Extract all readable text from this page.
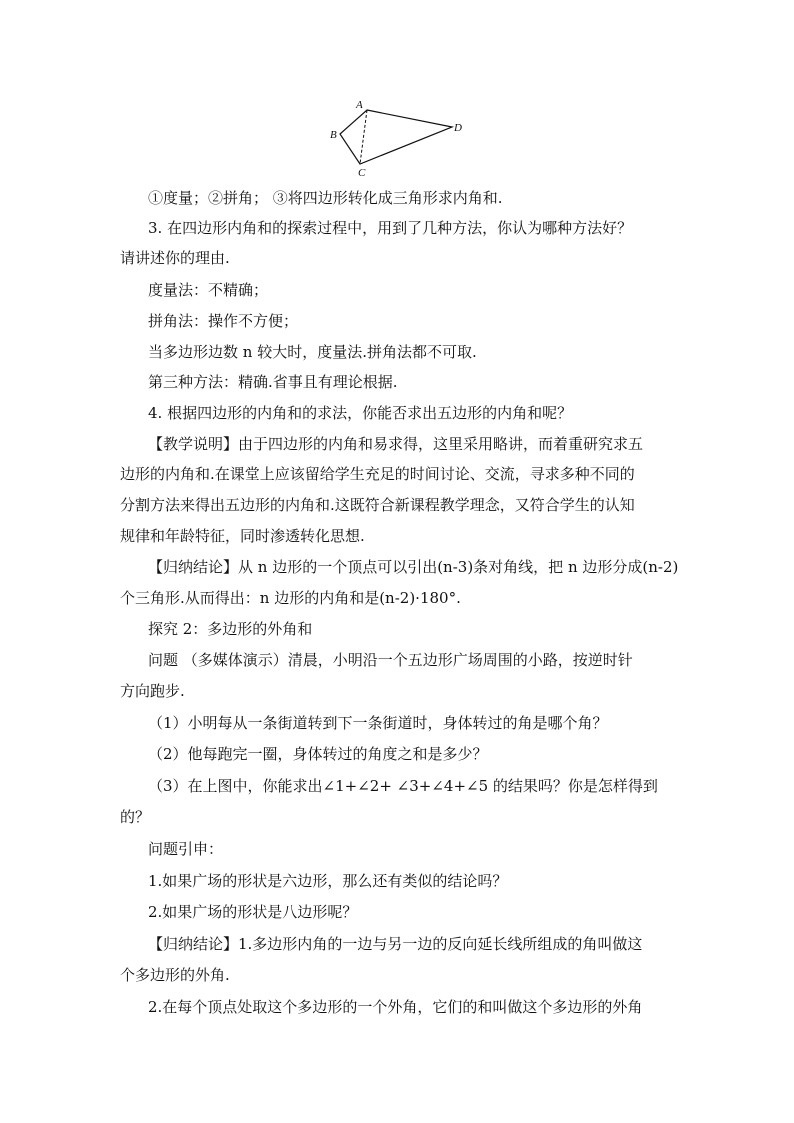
A
B
C
D
①度量；②拼角； ③将四边形转化成三角形求内角和.
3. 在四边形内角和的探索过程中，用到了几种方法，你认为哪种方法好？
请讲述你的理由.
度量法：不精确；
拼角法：操作不方便；
当多边形边数 n 较大时，度量法.拼角法都不可取.
第三种方法：精确.省事且有理论根据.
4. 根据四边形的内角和的求法，你能否求出五边形的内角和呢？
【教学说明】由于四边形的内角和易求得，这里采用略讲，而着重研究求五
边形的内角和.在课堂上应该留给学生充足的时间讨论、交流，寻求多种不同的
分割方法来得出五边形的内角和.这既符合新课程教学理念，又符合学生的认知
规律和年龄特征，同时渗透转化思想.
【归纳结论】从 n 边形的一个顶点可以引出(n-3)条对角线，把 n 边形分成(n-2)
个三角形.从而得出：n 边形的内角和是(n-2)·180°.
探究 2：多边形的外角和
问题 （多媒体演示）清晨，小明沿一个五边形广场周围的小路，按逆时针
方向跑步.
（1）小明每从一条街道转到下一条街道时，身体转过的角是哪个角？
（2）他每跑完一圈，身体转过的角度之和是多少？
（3）在上图中，你能求出∠1+∠2+ ∠3+∠4+∠5 的结果吗？你是怎样得到
的？
问题引申：
1.如果广场的形状是六边形，那么还有类似的结论吗？
2.如果广场的形状是八边形呢？
【归纳结论】1.多边形内角的一边与另一边的反向延长线所组成的角叫做这
个多边形的外角.
2.在每个顶点处取这个多边形的一个外角，它们的和叫做这个多边形的外角
